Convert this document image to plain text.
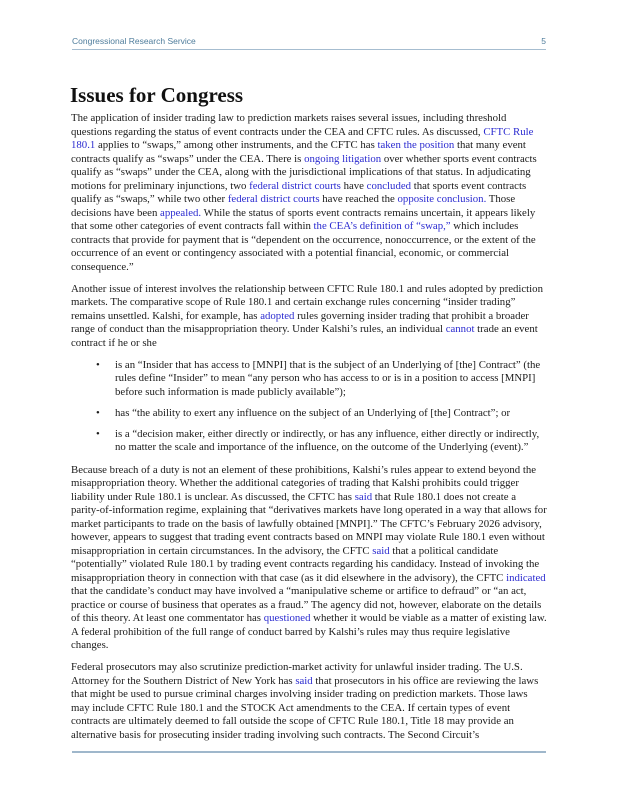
Congressional Research Service	5
Issues for Congress

The application of insider trading law to prediction markets raises several issues, including threshold questions regarding the status of event contracts under the CEA and CFTC rules. As discussed, CFTC Rule 180.1 applies to “swaps,” among other instruments, and the CFTC has taken the position that many event contracts qualify as “swaps” under the CEA. There is ongoing litigation over whether sports event contracts qualify as “swaps” under the CEA, along with the jurisdictional implications of that status. In adjudicating motions for preliminary injunctions, two federal district courts have concluded that sports event contracts qualify as “swaps,” while two other federal district courts have reached the opposite conclusion. Those decisions have been appealed. While the status of sports event contracts remains uncertain, it appears likely that some other categories of event contracts fall within the CEA’s definition of “swap,” which includes contracts that provide for payment that is “dependent on the occurrence, nonoccurrence, or the extent of the occurrence of an event or contingency associated with a potential financial, economic, or commercial consequence.”

Another issue of interest involves the relationship between CFTC Rule 180.1 and rules adopted by prediction markets. The comparative scope of Rule 180.1 and certain exchange rules concerning “insider trading” remains unsettled. Kalshi, for example, has adopted rules governing insider trading that prohibit a broader range of conduct than the misappropriation theory. Under Kalshi’s rules, an individual cannot trade an event contract if he or she

• is an “Insider that has access to [MNPI] that is the subject of an Underlying of [the] Contract” (the rules define “Insider” to mean “any person who has access to or is in a position to access [MNPI] before such information is made publicly available”);
• has “the ability to exert any influence on the subject of an Underlying of [the] Contract”; or
• is a “decision maker, either directly or indirectly, or has any influence, either directly or indirectly, no matter the scale and importance of the influence, on the outcome of the Underlying (event).”

Because breach of a duty is not an element of these prohibitions, Kalshi’s rules appear to extend beyond the misappropriation theory. Whether the additional categories of trading that Kalshi prohibits could trigger liability under Rule 180.1 is unclear. As discussed, the CFTC has said that Rule 180.1 does not create a parity-of-information regime, explaining that “derivatives markets have long operated in a way that allows for market participants to trade on the basis of lawfully obtained [MNPI].” The CFTC’s February 2026 advisory, however, appears to suggest that trading event contracts based on MNPI may violate Rule 180.1 even without misappropriation in certain circumstances. In the advisory, the CFTC said that a political candidate “potentially” violated Rule 180.1 by trading event contracts regarding his candidacy. Instead of invoking the misappropriation theory in connection with that case (as it did elsewhere in the advisory), the CFTC indicated that the candidate’s conduct may have involved a “manipulative scheme or artifice to defraud” or “an act, practice or course of business that operates as a fraud.” The agency did not, however, elaborate on the details of this theory. At least one commentator has questioned whether it would be viable as a matter of existing law. A federal prohibition of the full range of conduct barred by Kalshi’s rules may thus require legislative changes.

Federal prosecutors may also scrutinize prediction-market activity for unlawful insider trading. The U.S. Attorney for the Southern District of New York has said that prosecutors in his office are reviewing the laws that might be used to pursue criminal charges involving insider trading on prediction markets. Those laws may include CFTC Rule 180.1 and the STOCK Act amendments to the CEA. If certain types of event contracts are ultimately deemed to fall outside the scope of CFTC Rule 180.1, Title 18 may provide an alternative basis for prosecuting insider trading involving such contracts. The Second Circuit’s
